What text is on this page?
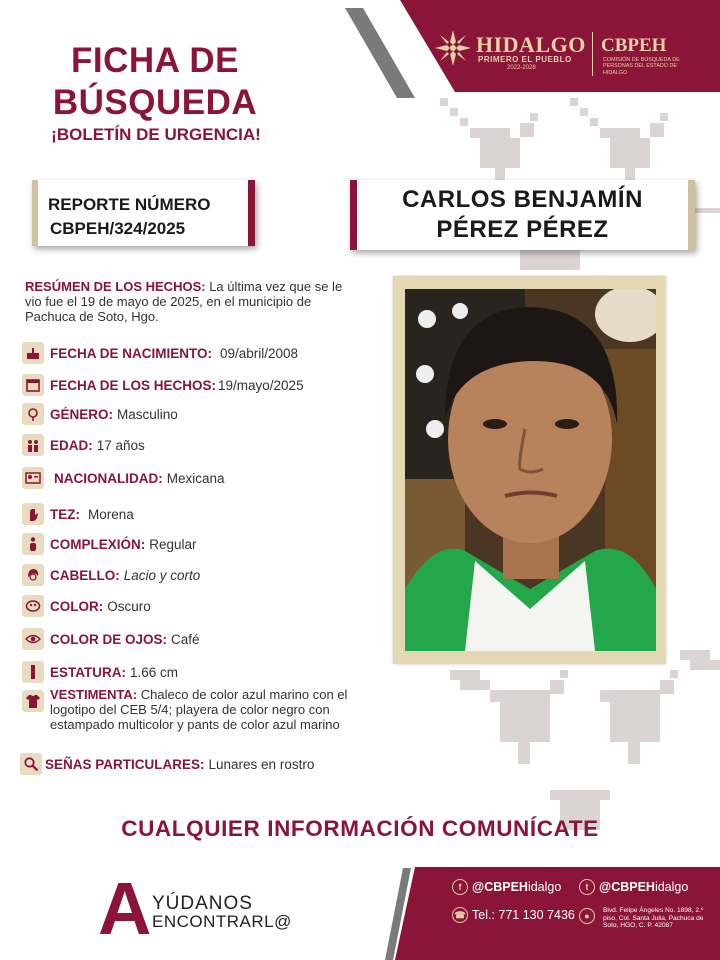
HIDALGO
PRIMERO EL PUEBLO
2022-2028
CBPEH
COMISIÓN DE BÚSQUEDA DE PERSONAS DEL ESTADO DE HIDALGO
FICHA DE
BÚSQUEDA
¡BOLETÍN DE URGENCIA!
REPORTE NÚMERO
CBPEH/324/2025
CARLOS BENJAMÍN
PÉREZ PÉREZ
RESÚMEN DE LOS HECHOS: La última vez que se le vio fue el 19 de mayo de 2025, en el municipio de Pachuca de Soto, Hgo.
FECHA DE NACIMIENTO: 09/abril/2008
FECHA DE LOS HECHOS: 19/mayo/2025
GÉNERO: Masculino
EDAD: 17 años
NACIONALIDAD: Mexicana
TEZ: Morena
COMPLEXIÓN: Regular
CABELLO: Lacio y corto
COLOR: Oscuro
COLOR DE OJOS: Café
ESTATURA: 1.66 cm
VESTIMENTA: Chaleco de color azul marino con el logotipo del CEB 5/4; playera de color negro con estampado multicolor y pants de color azul marino
SEÑAS PARTICULARES: Lunares en rostro
CUALQUIER INFORMACIÓN COMUNÍCATE
A YÚDANOS
ENCONTRARL@
f @CBPEH idalgo	t @CBPEH idalgo
☎ Tel.: 771 130 7436	●
Blvd. Felipe Ángeles No. 1898, 2.º piso, Col. Santa Julia, Pachuca de Soto, HGO, C. P. 42087
